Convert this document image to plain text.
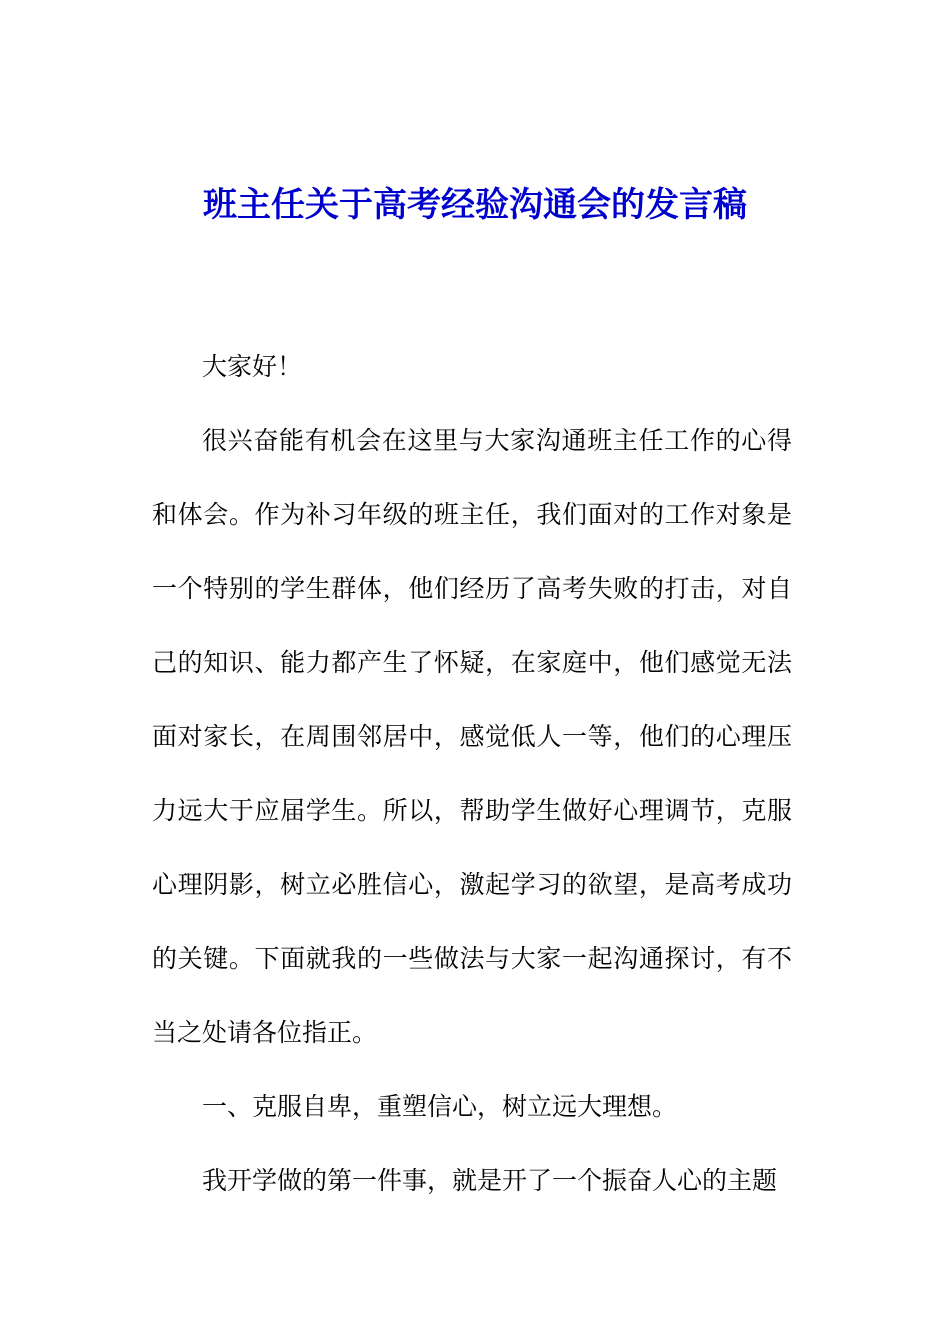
班主任关于高考经验沟通会的发言稿

大家好！

很兴奋能有机会在这里与大家沟通班主任工作的心得和体会。作为补习年级的班主任，我们面对的工作对象是一个特别的学生群体，他们经历了高考失败的打击，对自己的知识、能力都产生了怀疑，在家庭中，他们感觉无法面对家长，在周围邻居中，感觉低人一等，他们的心理压力远大于应届学生。所以，帮助学生做好心理调节，克服心理阴影，树立必胜信心，激起学习的欲望，是高考成功的关键。下面就我的一些做法与大家一起沟通探讨，有不当之处请各位指正。

一、克服自卑，重塑信心，树立远大理想。

我开学做的第一件事，就是开了一个振奋人心的主题
